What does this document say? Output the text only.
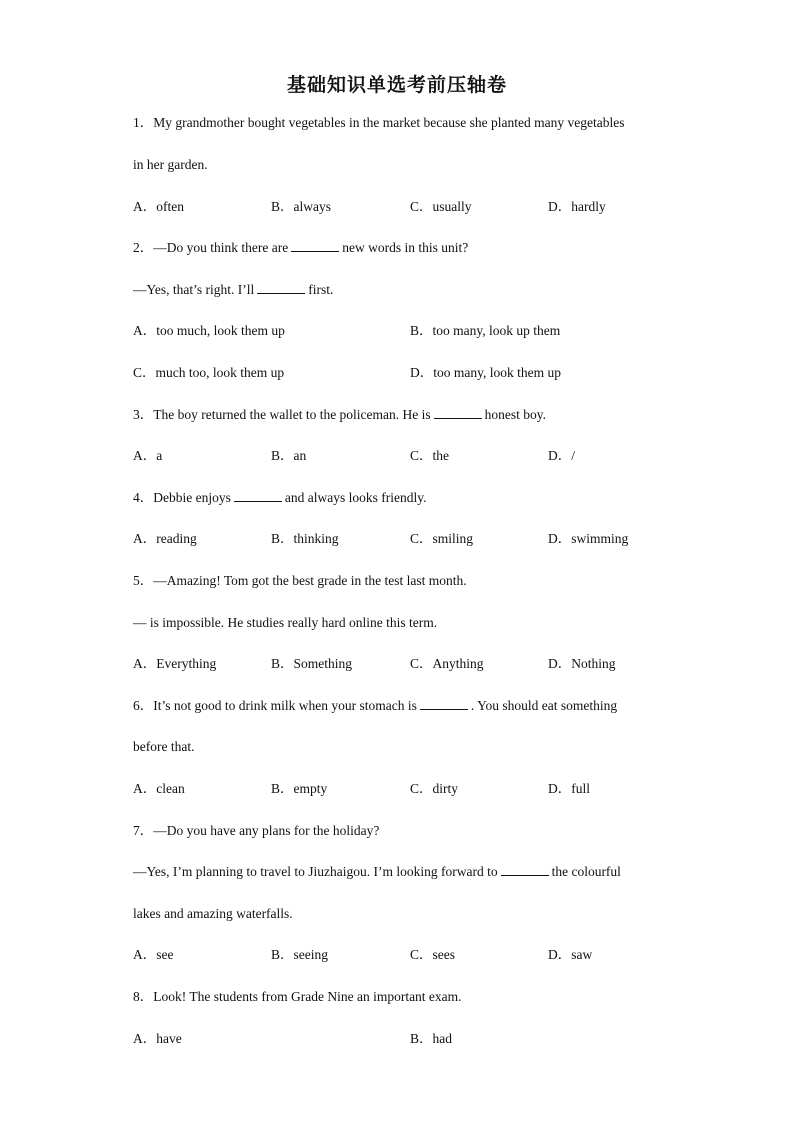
基础知识单选考前压轴卷
1．My grandmother bought vegetables in the market because she planted many vegetables
in her garden.
A．often	B．always	C．usually	D．hardly
2．—Do you think there are	new words in this unit?
—Yes, that’s right. I’ll	first.
A．too much, look them up	B．too many, look up them
C．much too, look them up	D．too many, look them up
3．The boy returned the wallet to the policeman. He is	honest boy.
A．a	B．an	C．the	D．/
4．Debbie enjoys	and always looks friendly.
A．reading	B．thinking	C．smiling	D．swimming
5．—Amazing! Tom got the best grade in the test last month.
— is impossible. He studies really hard online this term.
A．Everything	B．Something	C．Anything	D．Nothing
6．It’s not good to drink milk when your stomach is	. You should eat something
before that.
A．clean	B．empty	C．dirty	D．full
7．—Do you have any plans for the holiday?
—Yes, I’m planning to travel to Jiuzhaigou. I’m looking forward to	the colourful
lakes and amazing waterfalls.
A．see	B．seeing	C．sees	D．saw
8．Look! The students from Grade Nine an important exam.
A．have	B．had
